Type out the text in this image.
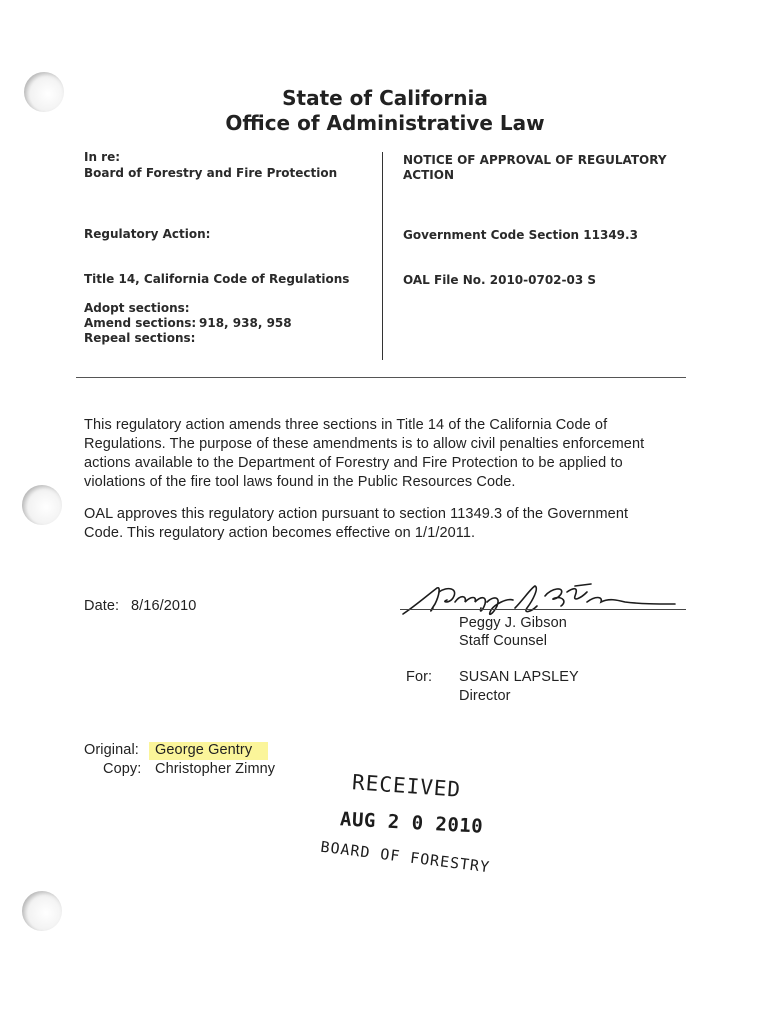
State of California
Office of Administrative Law
In re:
Board of Forestry and Fire Protection
Regulatory Action:
Title 14, California Code of Regulations
Adopt sections:
Amend sections: 918, 938, 958
Repeal sections:
NOTICE OF APPROVAL OF REGULATORY
ACTION
Government Code Section 11349.3
OAL File No. 2010-0702-03 S
This regulatory action amends three sections in Title 14 of the California Code of
Regulations. The purpose of these amendments is to allow civil penalties enforcement
actions available to the Department of Forestry and Fire Protection to be applied to
violations of the fire tool laws found in the Public Resources Code.
OAL approves this regulatory action pursuant to section 11349.3 of the Government
Code. This regulatory action becomes effective on 1/1/2011.
Date: 8/16/2010
Peggy J. Gibson
Staff Counsel
For: SUSAN LAPSLEY
Director
Original: George Gentry
Copy: Christopher Zimny
RECEIVED
AUG 2 0 2010
BOARD OF FORESTRY
